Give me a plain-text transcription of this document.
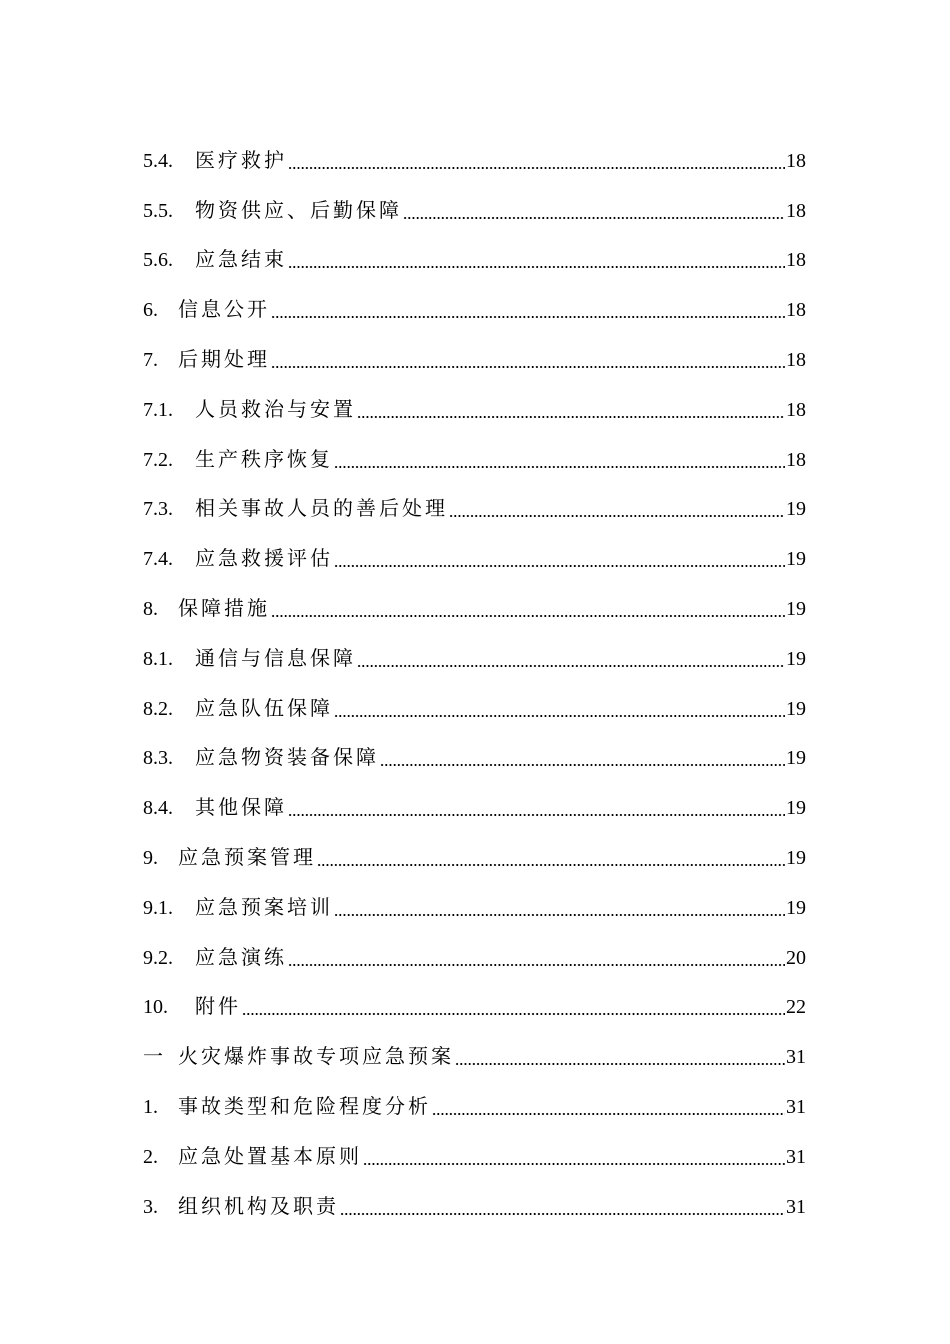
5.4.	医疗救护	18
5.5.	物资供应、后勤保障	18
5.6.	应急结束	18
6.	信息公开	18
7.	后期处理	18
7.1.	人员救治与安置	18
7.2.	生产秩序恢复	18
7.3.	相关事故人员的善后处理	19
7.4.	应急救援评估	19
8.	保障措施	19
8.1.	通信与信息保障	19
8.2.	应急队伍保障	19
8.3.	应急物资装备保障	19
8.4.	其他保障	19
9.	应急预案管理	19
9.1.	应急预案培训	19
9.2.	应急演练	20
10.	附件	22
一 火灾爆炸事故专项应急预案	31
1.	事故类型和危险程度分析	31
2.	应急处置基本原则	31
3.	组织机构及职责	31
